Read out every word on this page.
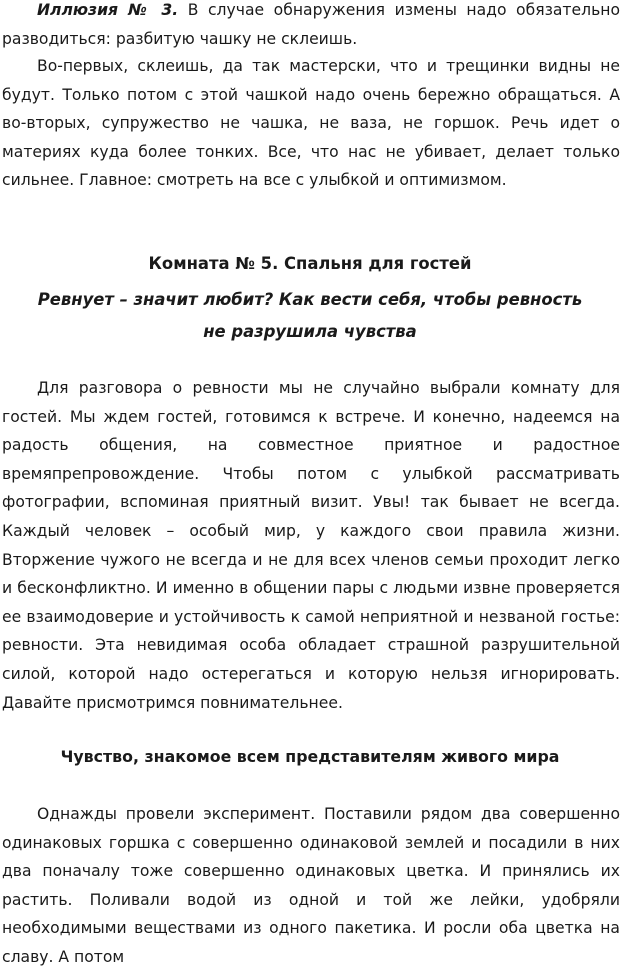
Иллюзия № 3. В случае обнаружения измены надо обязательно разводиться: разбитую чашку не склеишь.

Во-первых, склеишь, да так мастерски, что и трещинки видны не будут. Только потом с этой чашкой надо очень бережно обращаться. А во-вторых, супружество не чашка, не ваза, не горшок. Речь идет о материях куда более тонких. Все, что нас не убивает, делает только сильнее. Главное: смотреть на все с улыбкой и оптимизмом.

Комната № 5. Спальня для гостей
Ревнует – значит любит? Как вести себя, чтобы ревность
не разрушила чувства

Для разговора о ревности мы не случайно выбрали комнату для гостей. Мы ждем гостей, готовимся к встрече. И конечно, надеемся на радость общения, на совместное приятное и радостное времяпрепровождение. Чтобы потом с улыбкой рассматривать фотографии, вспоминая приятный визит. Увы! так бывает не всегда. Каждый человек – особый мир, у каждого свои правила жизни. Вторжение чужого не всегда и не для всех членов семьи проходит легко и бесконфликтно. И именно в общении пары с людьми извне проверяется ее взаимодоверие и устойчивость к самой неприятной и незваной гостье: ревности. Эта невидимая особа обладает страшной разрушительной силой, которой надо остерегаться и которую нельзя игнорировать. Давайте присмотримся повнимательнее.

Чувство, знакомое всем представителям живого мира

Однажды провели эксперимент. Поставили рядом два совершенно одинаковых горшка с совершенно одинаковой землей и посадили в них два поначалу тоже совершенно одинаковых цветка. И принялись их растить. Поливали водой из одной и той же лейки, удобряли необходимыми веществами из одного пакетика. И росли оба цветка на славу. А потом
